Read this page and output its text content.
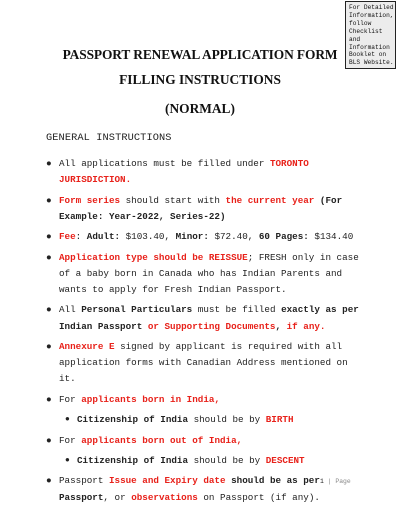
For Detailed
Information,
follow
Checklist
and
Information
Booklet on
BLS Website.
PASSPORT RENEWAL APPLICATION FORM
FILLING INSTRUCTIONS
(NORMAL)
GENERAL INSTRUCTIONS
● All applications must be filled under TORONTO JURISDICTION.
● Form series should start with the current year (For Example: Year-2022, Series-22)
● Fee: Adult: $103.40, Minor: $72.40, 60 Pages: $134.40
● Application type should be REISSUE; FRESH only in case of a baby born in Canada who has Indian Parents and wants to apply for Fresh Indian Passport.
● All Personal Particulars must be filled exactly as per Indian Passport or Supporting Documents, if any.
● Annexure E signed by applicant is required with all application forms with Canadian Address mentioned on it.
● For applicants born in India,
● Citizenship of India should be by BIRTH
● For applicants born out of India,
● Citizenship of India should be by DESCENT
● Passport Issue and Expiry date should be as per Passport, or observations on Passport (if any).
1 | Page
